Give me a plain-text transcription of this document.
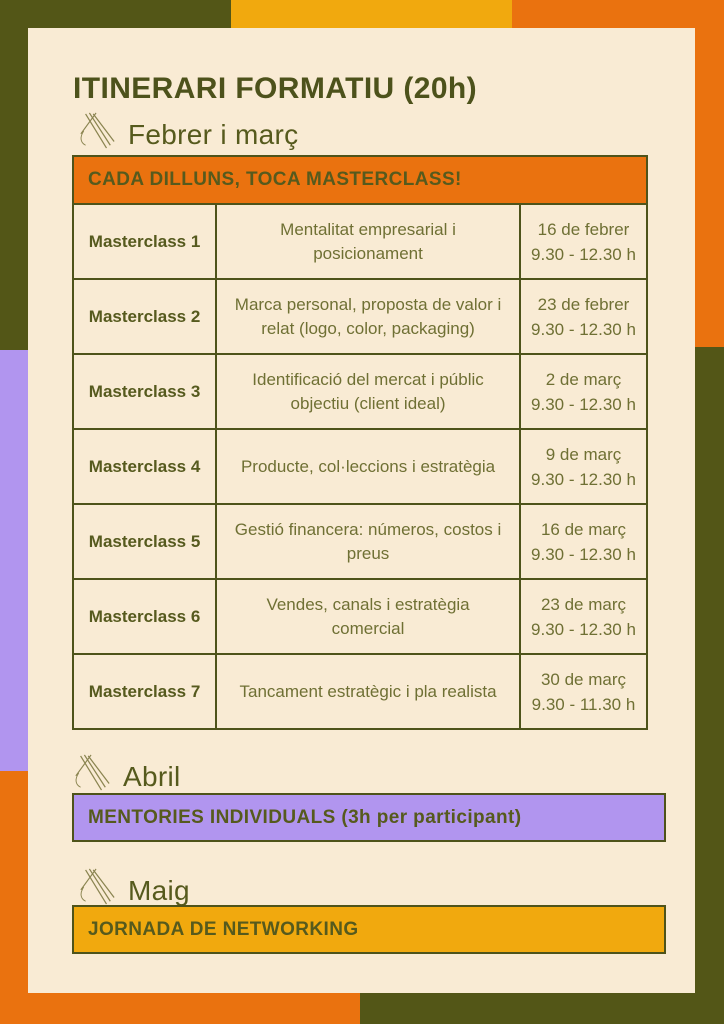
ITINERARI FORMATIU (20h)
Febrer i març
CADA DILLUNS, TOCA MASTERCLASS!		
Masterclass 1	Mentalitat empresarial i posicionament	16 de febrer
9.30 - 12.30 h

Masterclass 2	Marca personal, proposta de valor i relat (logo, color, packaging)	23 de febrer
9.30 - 12.30 h

Masterclass 3	Identificació del mercat i públic objectiu (client ideal)	2 de març
9.30 - 12.30 h

Masterclass 4	Producte, col·leccions i estratègia	9 de març
9.30 - 12.30 h

Masterclass 5	Gestió financera: números, costos i preus	16 de març
9.30 - 12.30 h

Masterclass 6	Vendes, canals i estratègia comercial	23 de març
9.30 - 12.30 h

Masterclass 7	Tancament estratègic i pla realista	30 de març
9.30 - 11.30 h
Abril
MENTORIES INDIVIDUALS (3h per participant)
Maig
JORNADA DE NETWORKING
